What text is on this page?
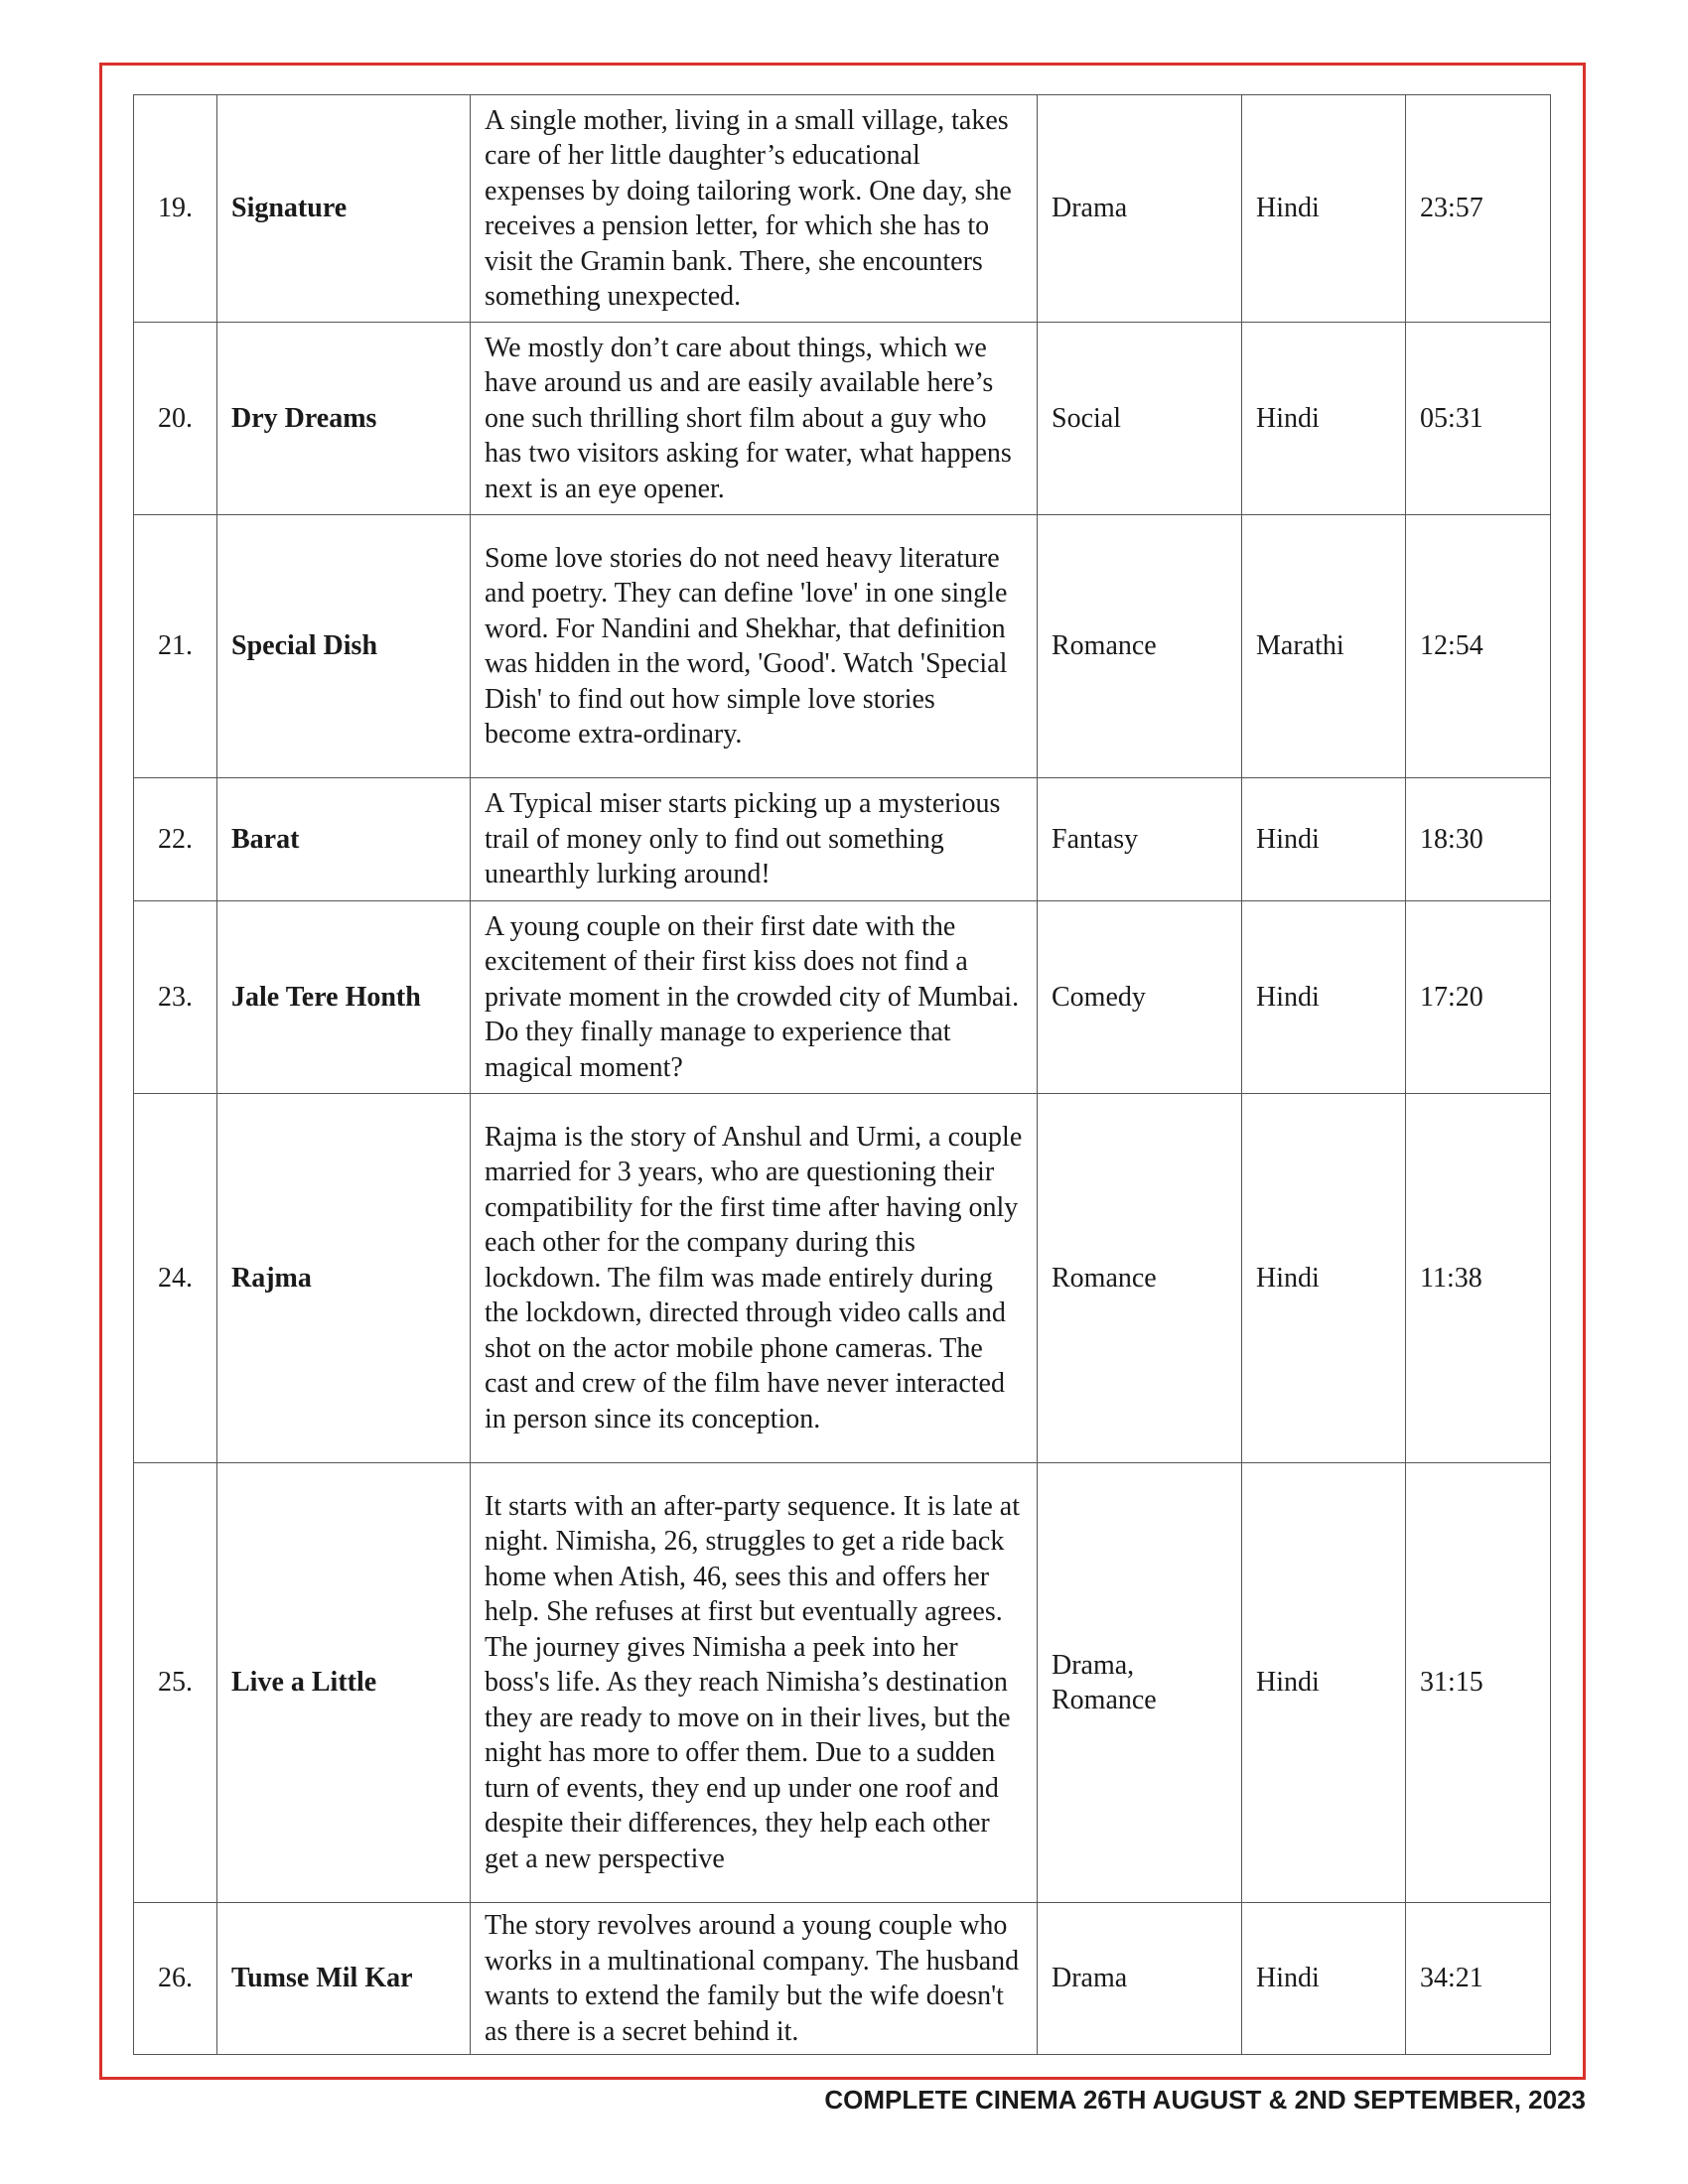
19.	Signature	A single mother, living in a small village, takes care of her little daughter’s educational expenses by doing tailoring work. One day, she receives a pension letter, for which she has to visit the Gramin bank. There, she encounters something unexpected.	Drama	Hindi	23:57
20.	Dry Dreams	We mostly don’t care about things, which we have around us and are easily available here’s one such thrilling short film about a guy who has two visitors asking for water, what happens next is an eye opener.	Social	Hindi	05:31
21.	Special Dish	Some love stories do not need heavy literature and poetry. They can define 'love' in one single word. For Nandini and Shekhar, that definition was hidden in the word, 'Good'. Watch 'Special Dish' to find out how simple love stories become extra-ordinary.	Romance	Marathi	12:54
22.	Barat	A Typical miser starts picking up a mysterious trail of money only to find out something unearthly lurking around!	Fantasy	Hindi	18:30
23.	Jale Tere Honth	A young couple on their first date with the excitement of their first kiss does not find a private moment in the crowded city of Mumbai. Do they finally manage to experience that magical moment?	Comedy	Hindi	17:20
24.	Rajma	Rajma is the story of Anshul and Urmi, a couple married for 3 years, who are questioning their compatibility for the first time after having only each other for the company during this lockdown. The film was made entirely during the lockdown, directed through video calls and shot on the actor mobile phone cameras. The cast and crew of the film have never interacted in person since its conception.	Romance	Hindi	11:38
25.	Live a Little	It starts with an after-party sequence. It is late at night. Nimisha, 26, struggles to get a ride back home when Atish, 46, sees this and offers her help. She refuses at first but eventually agrees. The journey gives Nimisha a peek into her boss's life. As they reach Nimisha’s destination they are ready to move on in their lives, but the night has more to offer them. Due to a sudden turn of events, they end up under one roof and despite their differences, they help each other get a new perspective	Drama, Romance	Hindi	31:15
26.	Tumse Mil Kar	The story revolves around a young couple who works in a multinational company. The husband wants to extend the family but the wife doesn't as there is a secret behind it.	Drama	Hindi	34:21
COMPLETE CINEMA 26TH AUGUST & 2ND SEPTEMBER, 2023
